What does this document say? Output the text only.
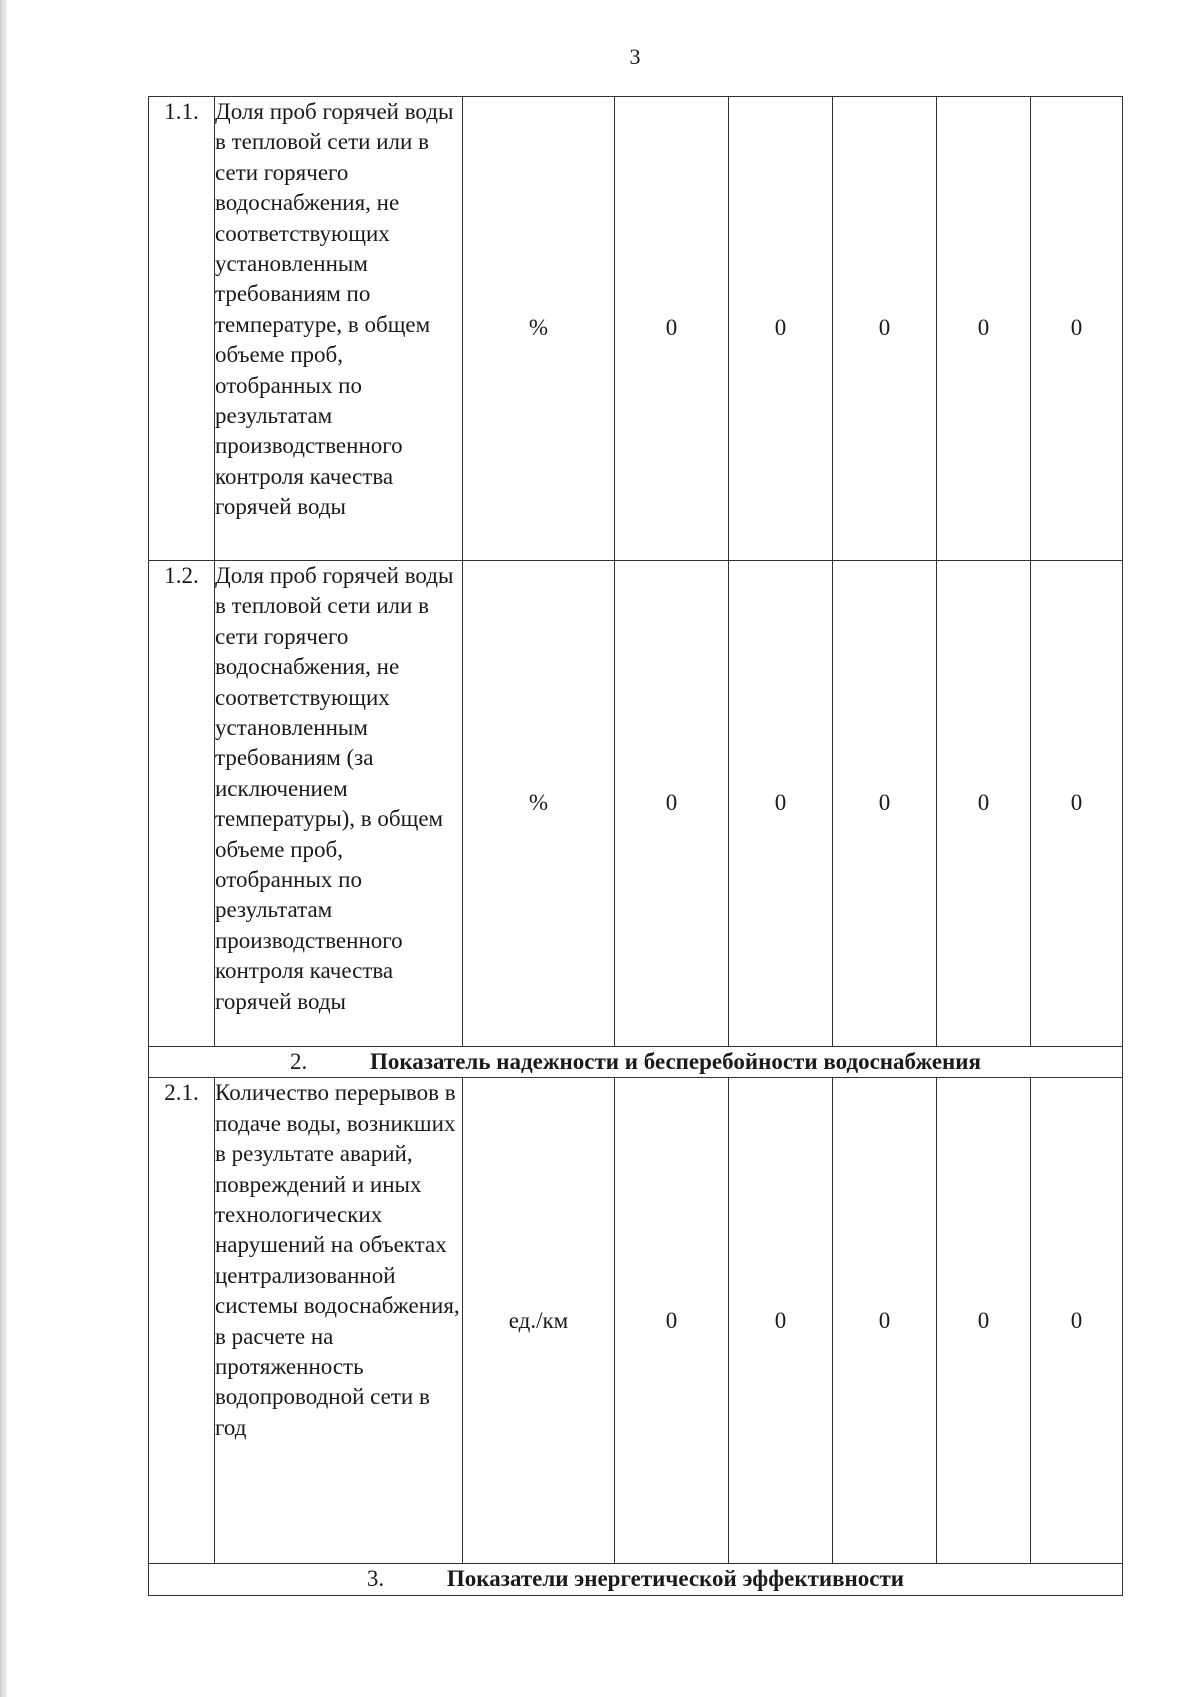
3
1.1.	Доля проб горячей воды в тепловой сети или в сети горячего водоснабжения, не соответствующих установленным требованиям по температуре, в общем объеме проб, отобранных по результатам производственного контроля качества горячей воды	%	0	0	0	0	0
1.2.	Доля проб горячей воды в тепловой сети или в сети горячего водоснабжения, не соответствующих установленным требованиям (за исключением температуры), в общем объеме проб, отобранных по результатам производственного контроля качества горячей воды	%	0	0	0	0	0
2. Показатель надежности и бесперебойности водоснабжения							
2.1.	Количество перерывов в подаче воды, возникших в результате аварий, повреждений и иных технологических нарушений на объектах централизованной системы водоснабжения, в расчете на протяженность водопроводной сети в год	ед./км	0	0	0	0	0
3. Показатели энергетической эффективности							
